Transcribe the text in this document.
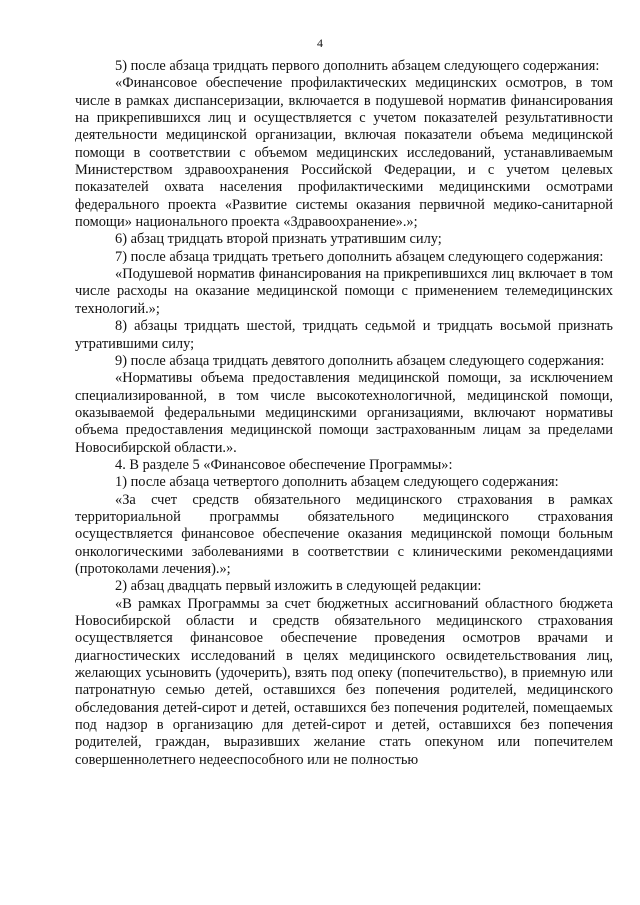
4

5) после абзаца тридцать первого дополнить абзацем следующего содержания:

«Финансовое обеспечение профилактических медицинских осмотров, в том числе в рамках диспансеризации, включается в подушевой норматив финансирования на прикрепившихся лиц и осуществляется с учетом показателей результативности деятельности медицинской организации, включая показатели объема медицинской помощи в соответствии с объемом медицинских исследований, устанавливаемым Министерством здравоохранения Российской Федерации, и с учетом целевых показателей охвата населения профилактическими медицинскими осмотрами федерального проекта «Развитие системы оказания первичной медико-санитарной помощи» национального проекта «Здравоохранение».»;

6) абзац тридцать второй признать утратившим силу;

7) после абзаца тридцать третьего дополнить абзацем следующего содержания:

«Подушевой норматив финансирования на прикрепившихся лиц включает в том числе расходы на оказание медицинской помощи с применением телемедицинских технологий.»;

8) абзацы тридцать шестой, тридцать седьмой и тридцать восьмой признать утратившими силу;

9) после абзаца тридцать девятого дополнить абзацем следующего содержания:

«Нормативы объема предоставления медицинской помощи, за исключением специализированной, в том числе высокотехнологичной, медицинской помощи, оказываемой федеральными медицинскими организациями, включают нормативы объема предоставления медицинской помощи застрахованным лицам за пределами Новосибирской области.».

4. В разделе 5 «Финансовое обеспечение Программы»:

1) после абзаца четвертого дополнить абзацем следующего содержания:

«За счет средств обязательного медицинского страхования в рамках территориальной программы обязательного медицинского страхования осуществляется финансовое обеспечение оказания медицинской помощи больным онкологическими заболеваниями в соответствии с клиническими рекомендациями (протоколами лечения).»;

2) абзац двадцать первый изложить в следующей редакции:

«В рамках Программы за счет бюджетных ассигнований областного бюджета Новосибирской области и средств обязательного медицинского страхования осуществляется финансовое обеспечение проведения осмотров врачами и диагностических исследований в целях медицинского освидетельствования лиц, желающих усыновить (удочерить), взять под опеку (попечительство), в приемную или патронатную семью детей, оставшихся без попечения родителей, медицинского обследования детей-сирот и детей, оставшихся без попечения родителей, помещаемых под надзор в организацию для детей-сирот и детей, оставшихся без попечения родителей, граждан, выразивших желание стать опекуном или попечителем совершеннолетнего недееспособного или не полностью
